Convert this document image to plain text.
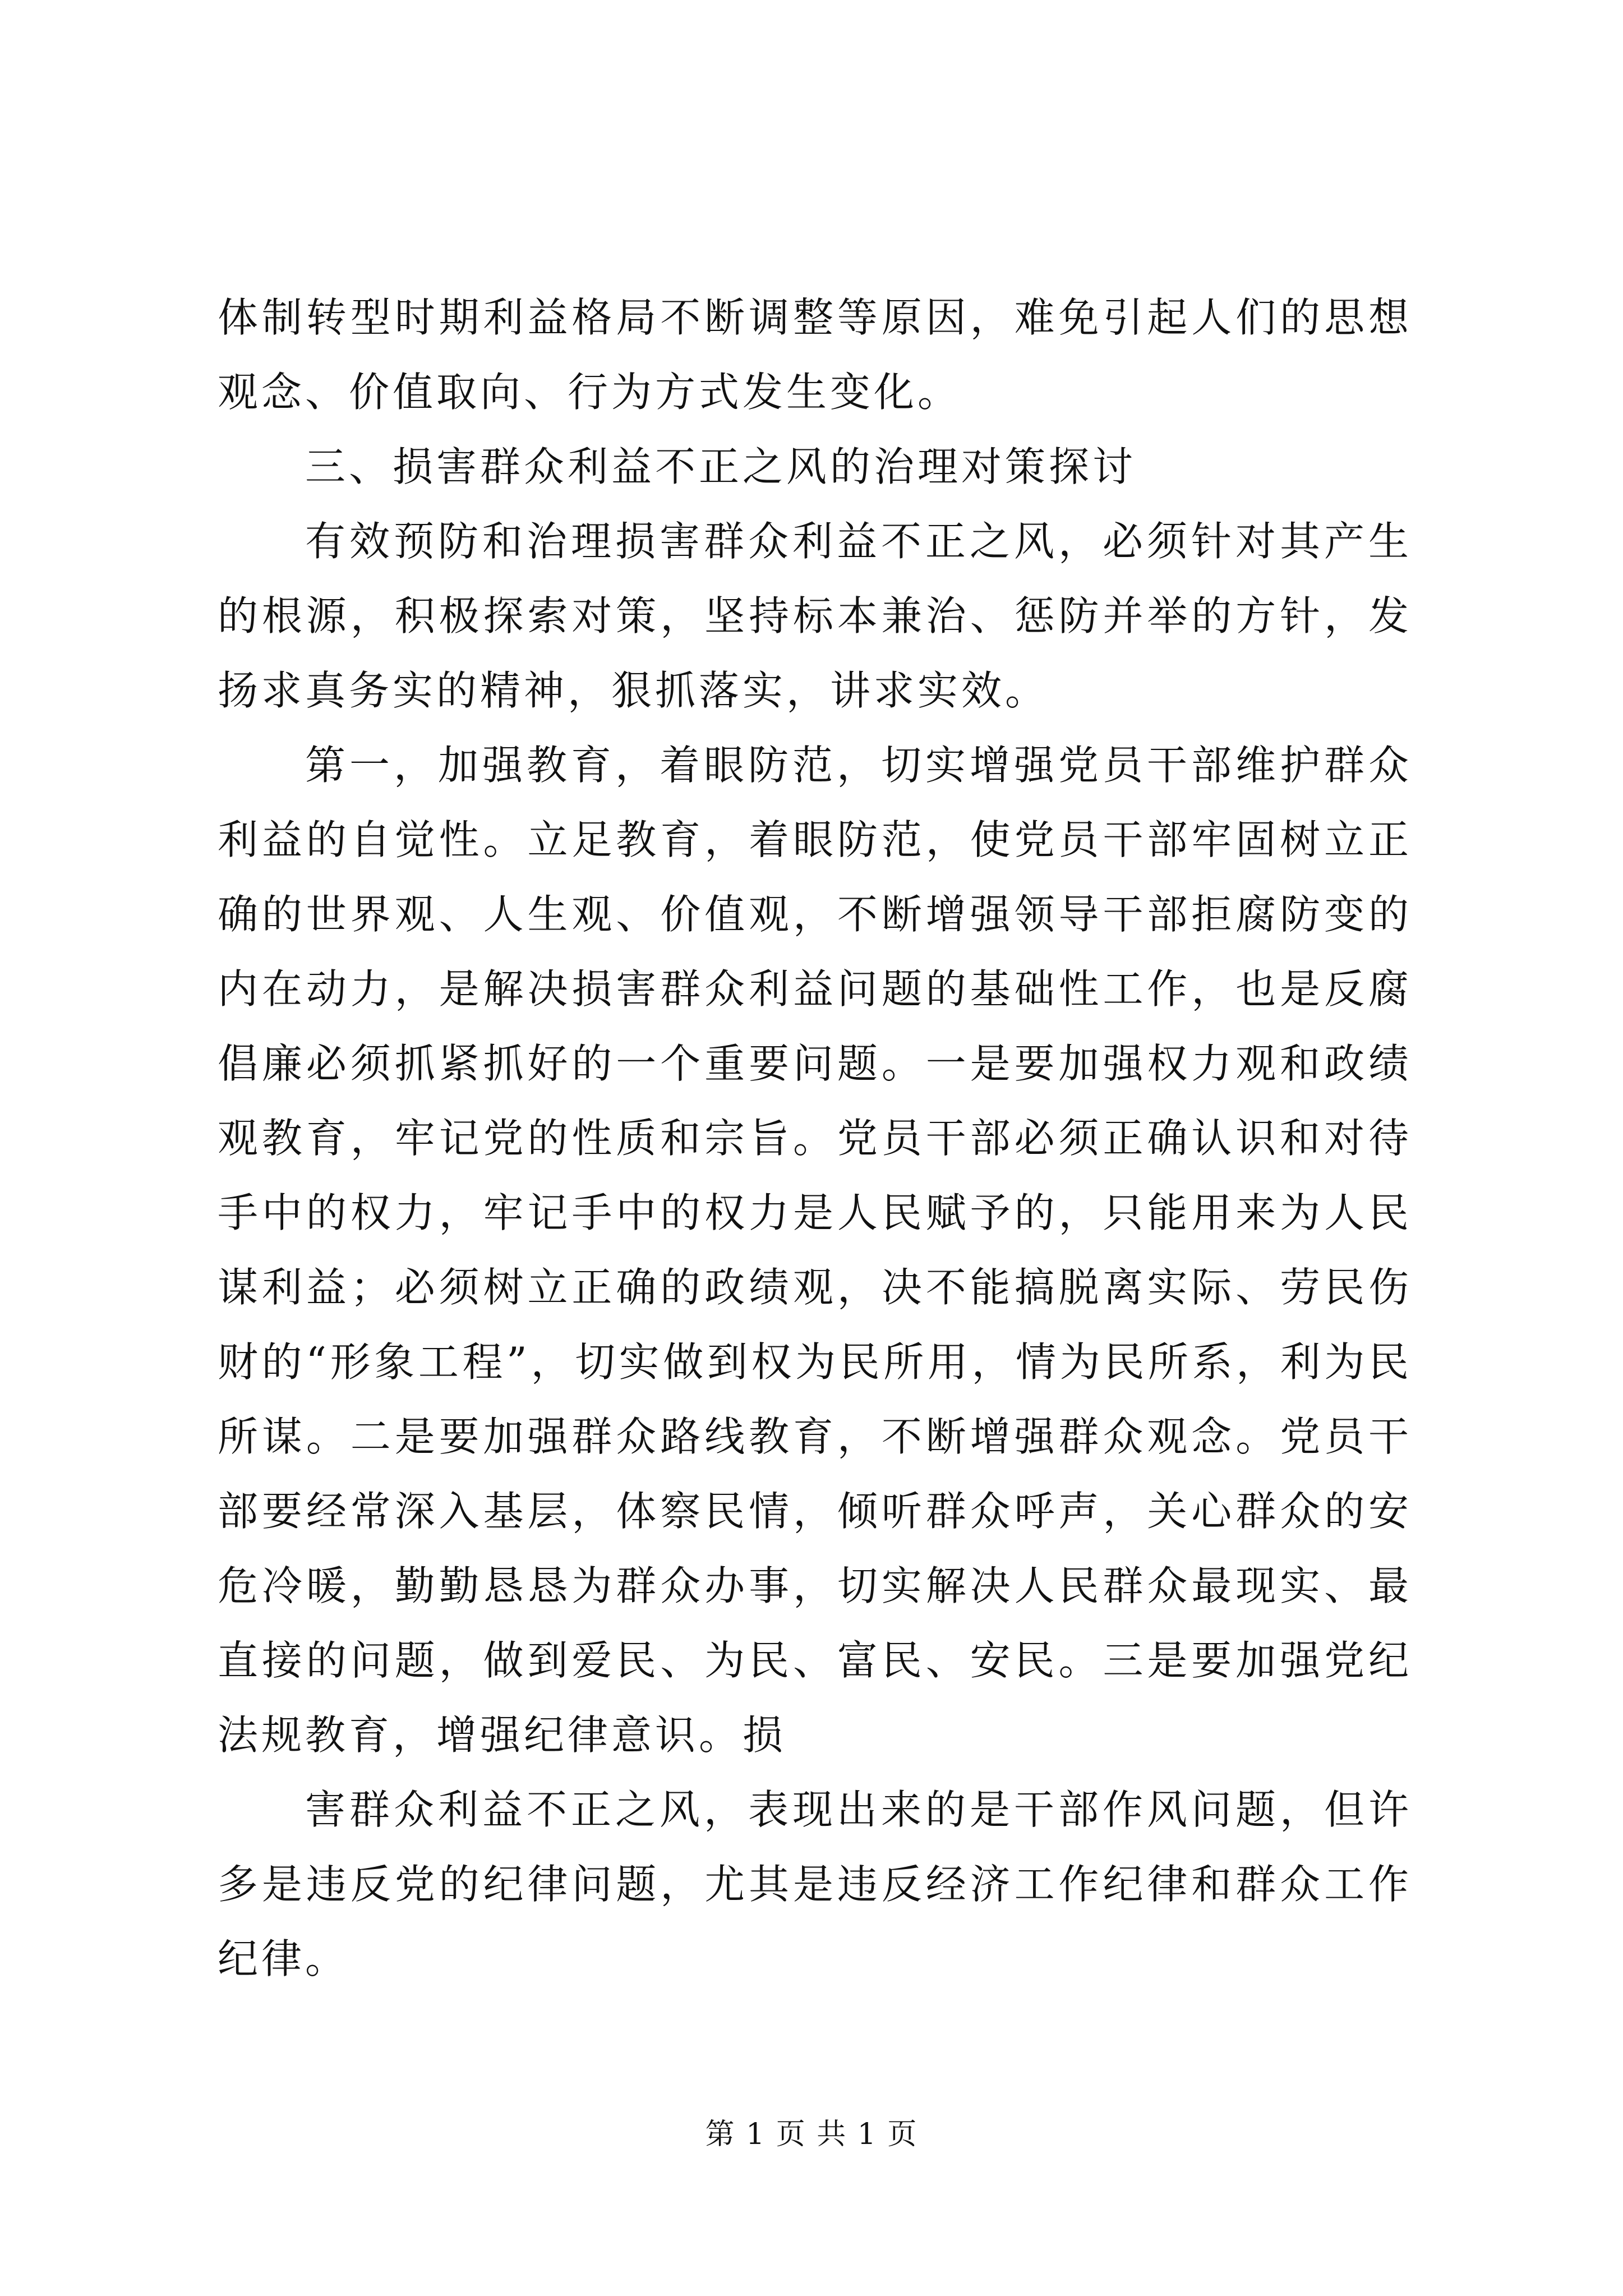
体制转型时期利益格局不断调整等原因，难免引起人们的思想观念、价值取向、行为方式发生变化。

三、损害群众利益不正之风的治理对策探讨

有效预防和治理损害群众利益不正之风，必须针对其产生的根源，积极探索对策，坚持标本兼治、惩防并举的方针，发扬求真务实的精神，狠抓落实，讲求实效。

第一，加强教育，着眼防范，切实增强党员干部维护群众利益的自觉性。立足教育，着眼防范，使党员干部牢固树立正确的世界观、人生观、价值观，不断增强领导干部拒腐防变的内在动力，是解决损害群众利益问题的基础性工作，也是反腐倡廉必须抓紧抓好的一个重要问题。一是要加强权力观和政绩观教育，牢记党的性质和宗旨。党员干部必须正确认识和对待手中的权力，牢记手中的权力是人民赋予的，只能用来为人民谋利益；必须树立正确的政绩观，决不能搞脱离实际、劳民伤财的“形象工程”，切实做到权为民所用，情为民所系，利为民所谋。二是要加强群众路线教育，不断增强群众观念。党员干部要经常深入基层，体察民情，倾听群众呼声，关心群众的安危冷暖，勤勤恳恳为群众办事，切实解决人民群众最现实、最直接的问题，做到爱民、为民、富民、安民。三是要加强党纪法规教育，增强纪律意识。损

害群众利益不正之风，表现出来的是干部作风问题，但许多是违反党的纪律问题，尤其是违反经济工作纪律和群众工作纪律。

第 1 页 共 1 页
